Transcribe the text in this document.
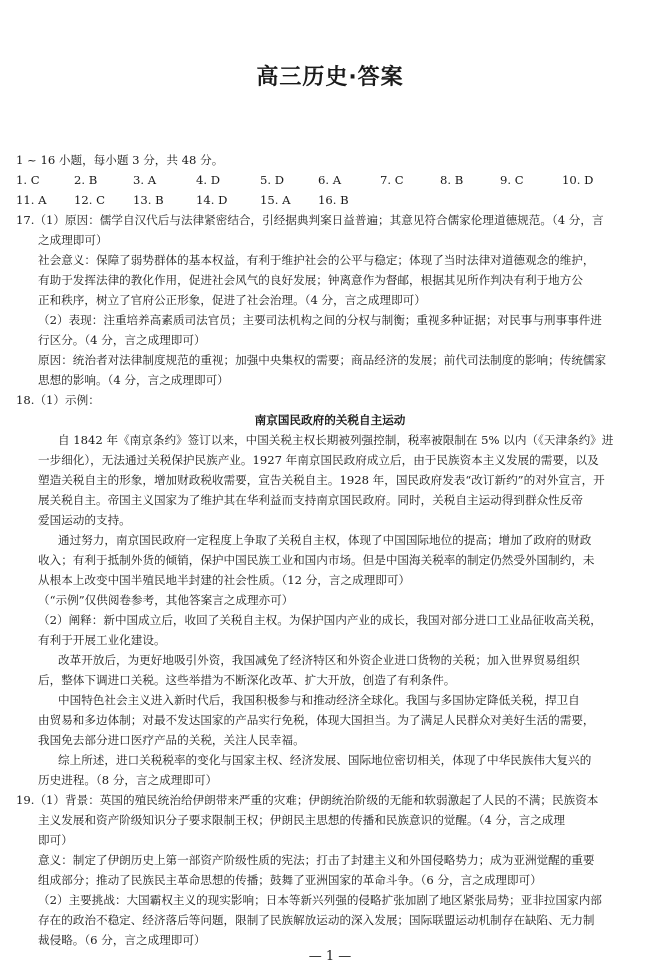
高三历史·答案
1 ~ 16 小题，每小题 3 分，共 48 分。
1. C	2. B	3. A	4. D	5. D	6. A	7. C	8. B	9. C	10. D
11. A 12. C 13. B	14. D	15. A 16. B
17.（1）原因：儒学自汉代后与法律紧密结合，引经据典判案日益普遍；其意见符合儒家伦理道德规范。（4 分，言
之成理即可）
社会意义：保障了弱势群体的基本权益，有利于维护社会的公平与稳定；体现了当时法律对道德观念的维护，
有助于发挥法律的教化作用，促进社会风气的良好发展；钟离意作为督邮，根据其见所作判决有利于地方公
正和秩序，树立了官府公正形象，促进了社会治理。（4 分，言之成理即可）
（2）表现：注重培养高素质司法官员；主要司法机构之间的分权与制衡；重视多种证据；对民事与刑事事件进
行区分。（4 分，言之成理即可）
原因：统治者对法律制度规范的重视；加强中央集权的需要；商品经济的发展；前代司法制度的影响；传统儒家
思想的影响。（4 分，言之成理即可）
18.（1）示例：
南京国民政府的关税自主运动
自 1842 年《南京条约》签订以来，中国关税主权长期被列强控制，税率被限制在 5% 以内（《天津条约》进
一步细化），无法通过关税保护民族产业。1927 年南京国民政府成立后，由于民族资本主义发展的需要，以及
塑造关税自主的形象，增加财政税收需要，宣告关税自主。1928 年，国民政府发表“改订新约”的对外宣言，开
展关税自主。帝国主义国家为了维护其在华利益而支持南京国民政府。同时，关税自主运动得到群众性反帝
爱国运动的支持。
通过努力，南京国民政府一定程度上争取了关税自主权，体现了中国国际地位的提高；增加了政府的财政
收入；有利于抵制外货的倾销，保护中国民族工业和国内市场。但是中国海关税率的制定仍然受外国制约，未
从根本上改变中国半殖民地半封建的社会性质。（12 分，言之成理即可）
（“示例”仅供阅卷参考，其他答案言之成理亦可）
（2）阐释：新中国成立后，收回了关税自主权。为保护国内产业的成长，我国对部分进口工业品征收高关税，
有利于开展工业化建设。
改革开放后，为更好地吸引外资，我国减免了经济特区和外资企业进口货物的关税；加入世界贸易组织
后，整体下调进口关税。这些举措为不断深化改革、扩大开放，创造了有利条件。
中国特色社会主义进入新时代后，我国积极参与和推动经济全球化。我国与多国协定降低关税，捍卫自
由贸易和多边体制；对最不发达国家的产品实行免税，体现大国担当。为了满足人民群众对美好生活的需要，
我国免去部分进口医疗产品的关税，关注人民幸福。
综上所述，进口关税税率的变化与国家主权、经济发展、国际地位密切相关，体现了中华民族伟大复兴的
历史进程。（8 分，言之成理即可）
19.（1）背景：英国的殖民统治给伊朗带来严重的灾难；伊朗统治阶级的无能和软弱激起了人民的不满；民族资本
主义发展和资产阶级知识分子要求限制王权；伊朗民主思想的传播和民族意识的觉醒。（4 分，言之成理
即可）
意义：制定了伊朗历史上第一部资产阶级性质的宪法；打击了封建主义和外国侵略势力；成为亚洲觉醒的重要
组成部分；推动了民族民主革命思想的传播；鼓舞了亚洲国家的革命斗争。（6 分，言之成理即可）
（2）主要挑战：大国霸权主义的现实影响；日本等新兴列强的侵略扩张加剧了地区紧张局势；亚非拉国家内部
存在的政治不稳定、经济落后等问题，限制了民族解放运动的深入发展；国际联盟运动机制存在缺陷、无力制
裁侵略。（6 分，言之成理即可）
— 1 —
